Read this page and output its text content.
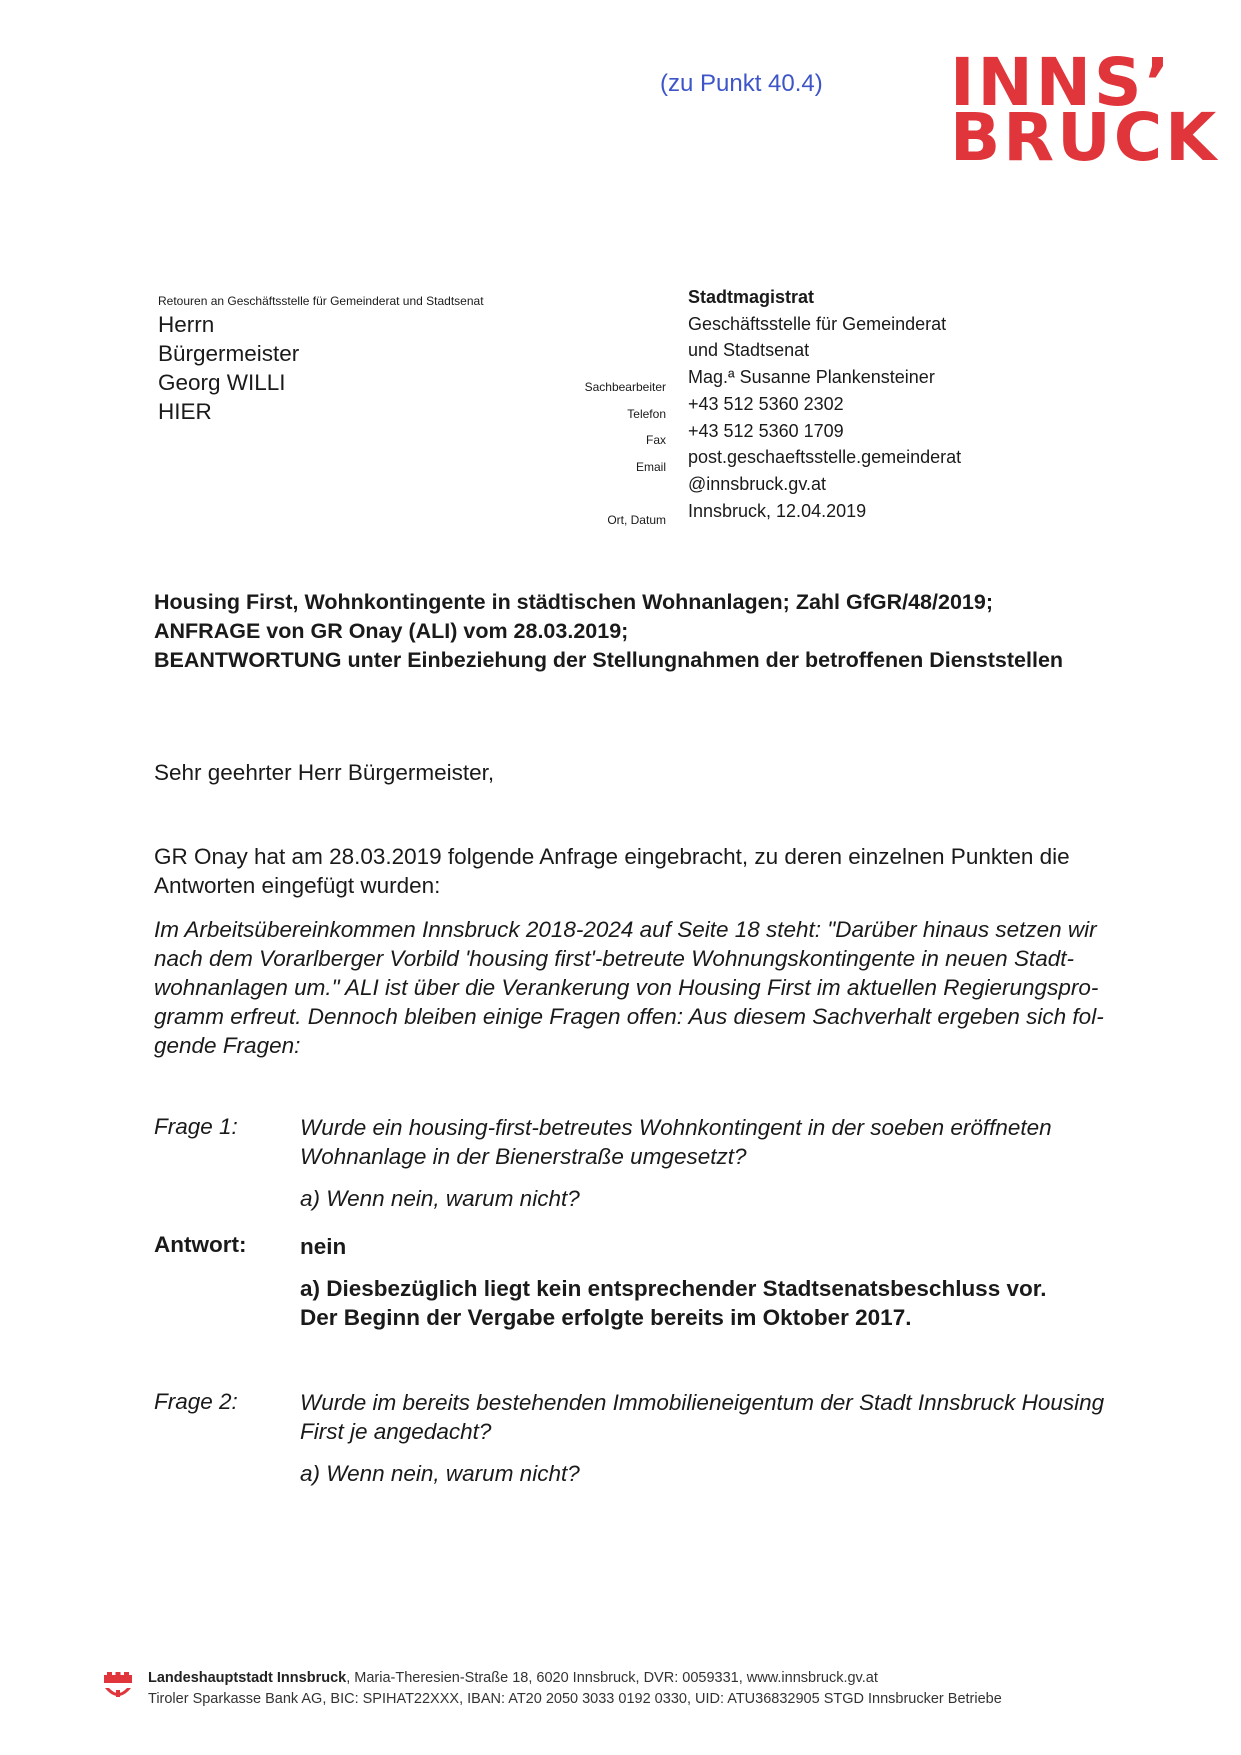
(zu Punkt 40.4) INNS’
BRUCK
Retouren an Geschäftsstelle für Gemeinderat und Stadtsenat
Herrn
Bürgermeister
Georg WILLI
HIER
Sachbearbeiter
Telefon
Fax
Email
Ort, Datum
Stadtmagistrat
Geschäftsstelle für Gemeinderat
und Stadtsenat
Mag.ª Susanne Plankensteiner
+43 512 5360 2302
+43 512 5360 1709
post.geschaeftsstelle.gemeinderat
@innsbruck.gv.at
Innsbruck, 12.04.2019
Housing First, Wohnkontingente in städtischen Wohnanlagen; Zahl GfGR/48/2019;
ANFRAGE von GR Onay (ALI) vom 28.03.2019;
BEANTWORTUNG unter Einbeziehung der Stellungnahmen der betroffenen Dienststellen
Sehr geehrter Herr Bürgermeister,
GR Onay hat am 28.03.2019 folgende Anfrage eingebracht, zu deren einzelnen Punkten die Antworten eingefügt wurden:
Im Arbeitsübereinkommen Innsbruck 2018-2024 auf Seite 18 steht: "Darüber hinaus setzen wir nach dem Vorarlberger Vorbild 'housing first'-betreute Wohnungskontingente in neuen Stadt-wohnanlagen um." ALI ist über die Verankerung von Housing First im aktuellen Regierungspro-gramm erfreut. Dennoch bleiben einige Fragen offen: Aus diesem Sachverhalt ergeben sich fol-gende Fragen:
Frage 1:	Wurde ein housing-first-betreutes Wohnkontingent in der soeben eröffneten Wohnanlage in der Bienerstraße umgesetzt?
a) Wenn nein, warum nicht?
Antwort: nein
a) Diesbezüglich liegt kein entsprechender Stadtsenatsbeschluss vor.
Der Beginn der Vergabe erfolgte bereits im Oktober 2017.
Frage 2:	Wurde im bereits bestehenden Immobilieneigentum der Stadt Innsbruck Housing First je angedacht?
a) Wenn nein, warum nicht?
Landeshauptstadt Innsbruck, Maria-Theresien-Straße 18, 6020 Innsbruck, DVR: 0059331, www.innsbruck.gv.at
Tiroler Sparkasse Bank AG, BIC: SPIHAT22XXX, IBAN: AT20 2050 3033 0192 0330, UID: ATU36832905 STGD Innsbrucker Betriebe
